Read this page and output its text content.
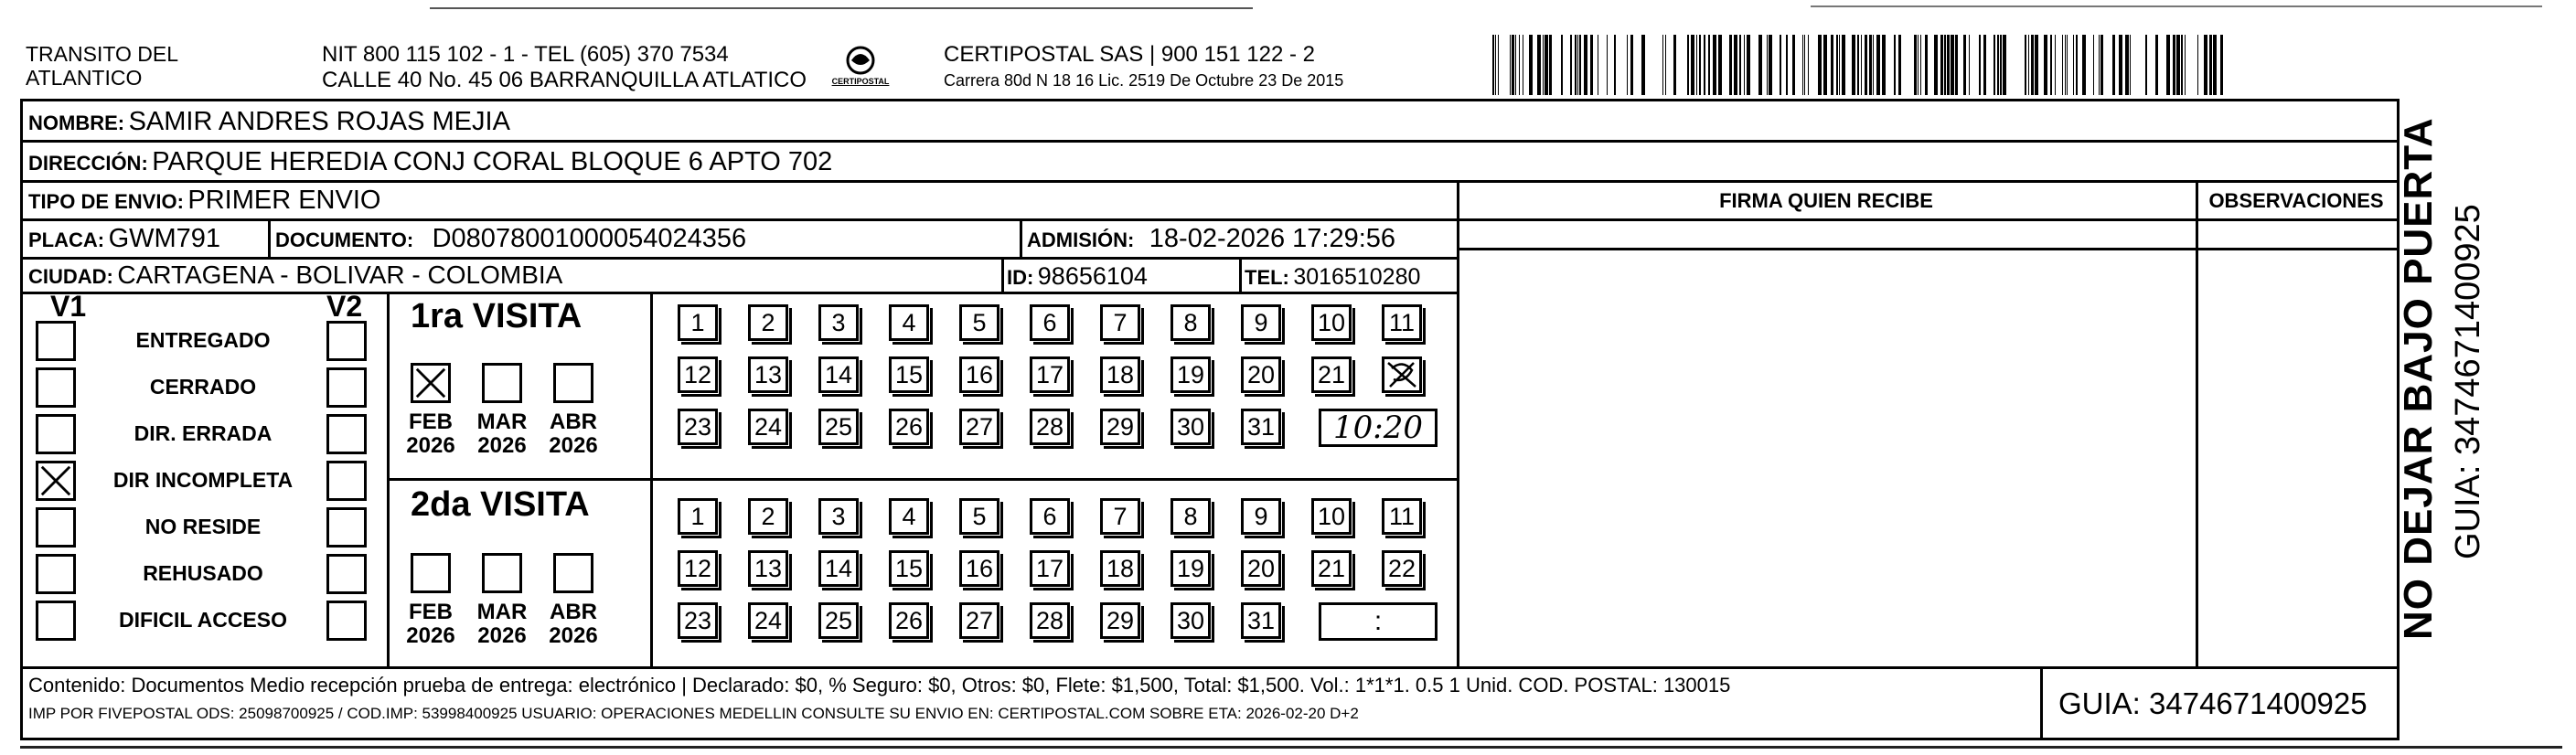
TRANSITO DEL
ATLANTICO
NIT 800 115 102 - 1 - TEL (605) 370 7534
CALLE 40 No. 45 06 BARRANQUILLA ATLATICO	CERTIPOSTAL
CERTIPOSTAL SAS | 900 151 122 - 2
Carrera 80d N 18 16 Lic. 2519 De Octubre 23 De 2015
NOMBRE: SAMIR ANDRES ROJAS MEJIA
DIRECCIÓN: PARQUE HEREDIA CONJ CORAL BLOQUE 6 APTO 702
TIPO DE ENVIO: PRIMER ENVIO	FIRMA QUIEN RECIBE	OBSERVACIONES
PLACA: GWM791	DOCUMENTO: D08078001000054024356	ADMISIÓN: 18-02-2026 17:29:56
CIUDAD: CARTAGENA - BOLIVAR - COLOMBIA	ID: 98656104	TEL: 3016510280
V1	V2
ENTREGADO
CERRADO
DIR. ERRADA
DIR INCOMPLETA
NO RESIDE
REHUSADO
DIFICIL ACCESO
1ra VISITA
2da VISITA
FEB
2026
MAR
2026
ABR
2026
FEB
2026
MAR
2026
ABR
2026
1	2	3	4	5	6	7	8	9	10 11
12 13 14 15 16 17 18 19 20 21
23 24 25 26 27 28 29 30 31	10:20
1	2	3	4	5	6	7	8	9	10 11
12 13 14 15 16 17 18 19 20 21 22
23 24 25 26 27 28 29 30 31	:
Contenido: Documentos Medio recepción prueba de entrega: electrónico | Declarado: $0, % Seguro: $0, Otros: $0, Flete: $1,500, Total: $1,500. Vol.: 1*1*1. 0.5 1 Unid. COD. POSTAL: 130015
IMP POR FIVEPOSTAL ODS: 25098700925 / COD.IMP: 53998400925 USUARIO: OPERACIONES MEDELLIN CONSULTE SU ENVIO EN: CERTIPOSTAL.COM SOBRE ETA: 2026-02-20 D+2	GUIA: 3474671400925
NO DEJAR BAJO PUERTA GUIA: 3474671400925
